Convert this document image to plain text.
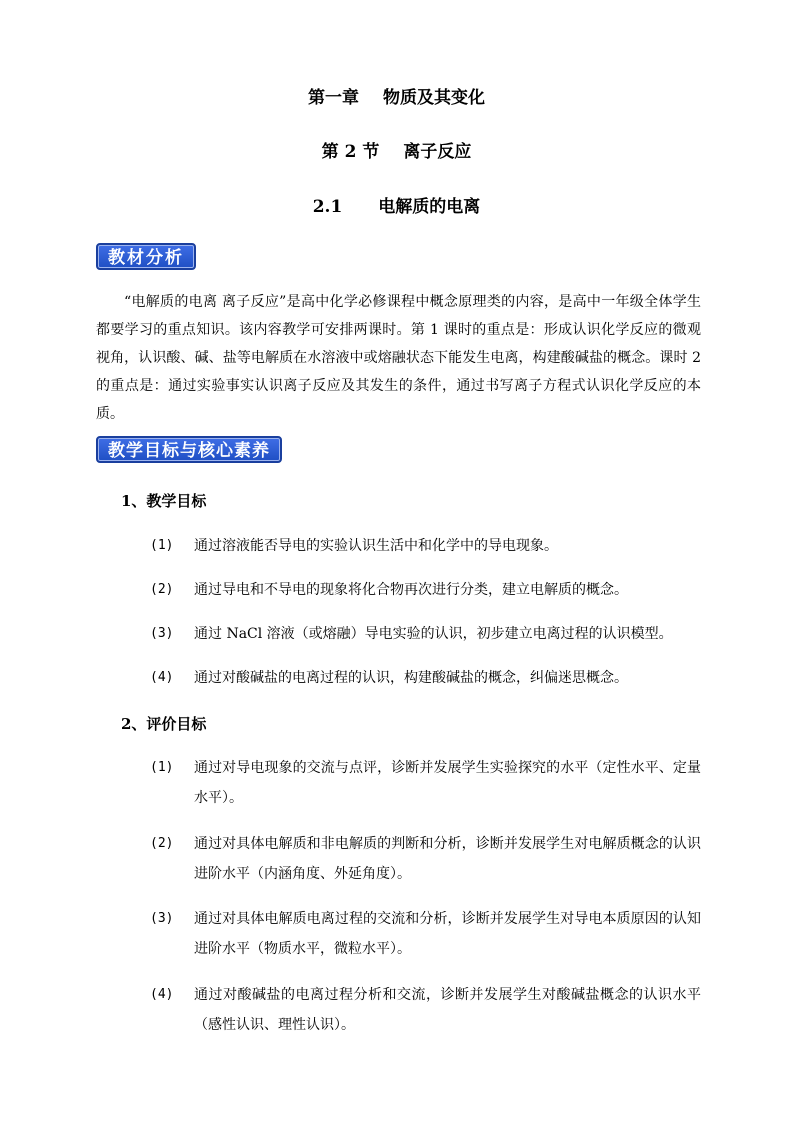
第一章 物质及其变化
第 2 节 离子反应
2.1 电解质的电离
教材分析

“电解质的电离 离子反应”是高中化学必修课程中概念原理类的内容，是高中一年级全体学生都要学习的重点知识。该内容教学可安排两课时。第 1 课时的重点是：形成认识化学反应的微观视角，认识酸、碱、盐等电解质在水溶液中或熔融状态下能发生电离，构建酸碱盐的概念。课时 2 的重点是：通过实验事实认识离子反应及其发生的条件，通过书写离子方程式认识化学反应的本质。

教学目标与核心素养

1、教学目标

(1)	通过溶液能否导电的实验认识生活中和化学中的导电现象。

(2)	通过导电和不导电的现象将化合物再次进行分类，建立电解质的概念。

(3)	通过 NaCl 溶液（或熔融）导电实验的认识，初步建立电离过程的认识模型。

(4)	通过对酸碱盐的电离过程的认识，构建酸碱盐的概念，纠偏迷思概念。

2、评价目标

(1)	通过对导电现象的交流与点评，诊断并发展学生实验探究的水平（定性水平、定量水平）。

(2)	通过对具体电解质和非电解质的判断和分析，诊断并发展学生对电解质概念的认识进阶水平（内涵角度、外延角度）。

(3)	通过对具体电解质电离过程的交流和分析，诊断并发展学生对导电本质原因的认知进阶水平（物质水平，微粒水平）。

(4)	通过对酸碱盐的电离过程分析和交流，诊断并发展学生对酸碱盐概念的认识水平（感性认识、理性认识）。
